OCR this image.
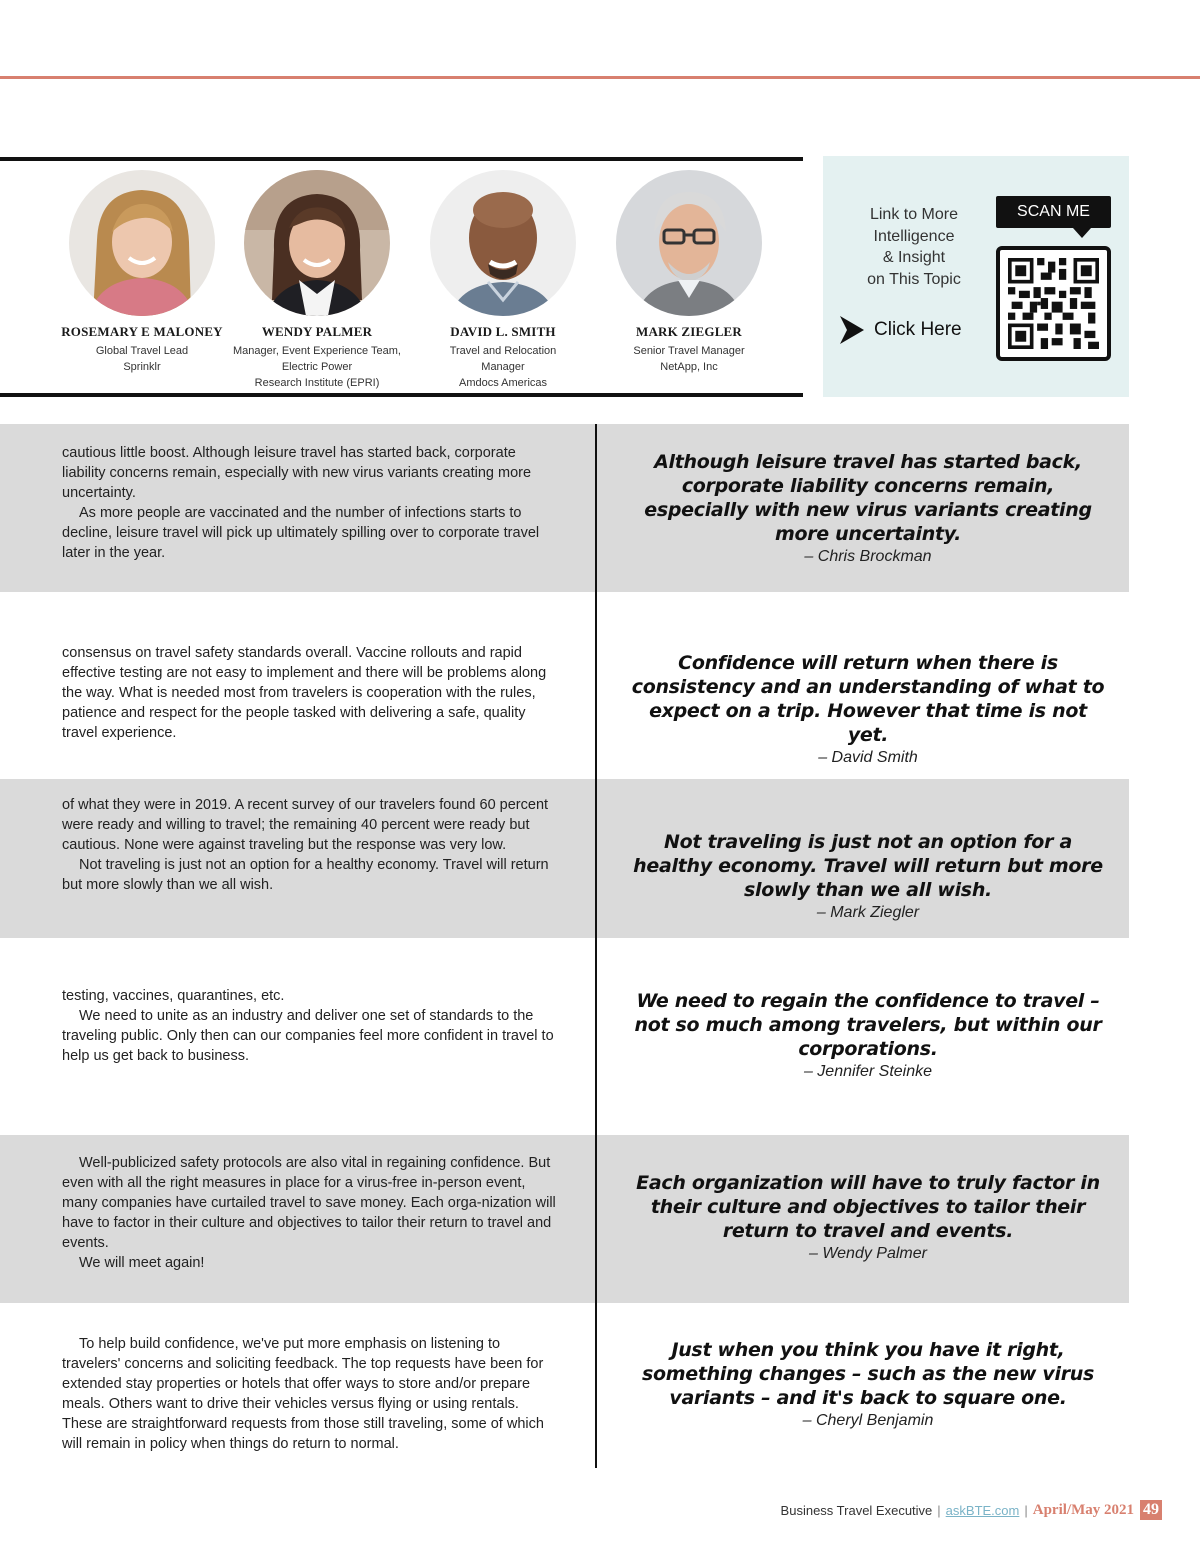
ROSEMARY E MALONEY
Global Travel Lead
Sprinklr
WENDY PALMER
Manager, Event Experience Team,
Electric Power
Research Institute (EPRI)
DAVID L. SMITH
Travel and Relocation
Manager
Amdocs Americas
MARK ZIEGLER
Senior Travel Manager
NetApp, Inc
Link to More
Intelligence
& Insight
on This Topic
Click Here
SCAN ME

cautious little boost. Although leisure travel has started back, corporate liability concerns remain, especially with new virus variants creating more uncertainty.

As more people are vaccinated and the number of infections starts to decline, leisure travel will pick up ultimately spilling over to corporate travel later in the year.

Although leisure travel has started back, corporate liability concerns remain, especially with new virus variants creating more uncertainty.
– Chris Brockman

consensus on travel safety standards overall. Vaccine rollouts and rapid effective testing are not easy to implement and there will be problems along the way. What is needed most from travelers is cooperation with the rules, patience and respect for the people tasked with delivering a safe, quality travel experience.

Confidence will return when there is consistency and an understanding of what to expect on a trip. However that time is not yet.
– David Smith

of what they were in 2019. A recent survey of our travelers found 60 percent were ready and willing to travel; the remaining 40 percent were ready but cautious. None were against traveling but the response was very low.

Not traveling is just not an option for a healthy economy. Travel will return but more slowly than we all wish.

Not traveling is just not an option for a healthy economy. Travel will return but more slowly than we all wish.
– Mark Ziegler

testing, vaccines, quarantines, etc.

We need to unite as an industry and deliver one set of standards to the traveling public. Only then can our companies feel more confident in travel to help us get back to business.

We need to regain the confidence to travel – not so much among travelers, but within our corporations.
– Jennifer Steinke

Well-publicized safety protocols are also vital in regaining confidence. But even with all the right measures in place for a virus-free in-person event, many companies have curtailed travel to save money. Each orga-nization will have to factor in their culture and objectives to tailor their return to travel and events.

We will meet again!

Each organization will have to truly factor in their culture and objectives to tailor their return to travel and events.
– Wendy Palmer

To help build confidence, we've put more emphasis on listening to travelers' concerns and soliciting feedback. The top requests have been for extended stay properties or hotels that offer ways to store and/or prepare meals. Others want to drive their vehicles versus flying or using rentals. These are straightforward requests from those still traveling, some of which will remain in policy when things do return to normal.

Just when you think you have it right, something changes – such as the new virus variants – and it's back to square one.
– Cheryl Benjamin
Business Travel Executive | askBTE.com | April/May 2021 49
